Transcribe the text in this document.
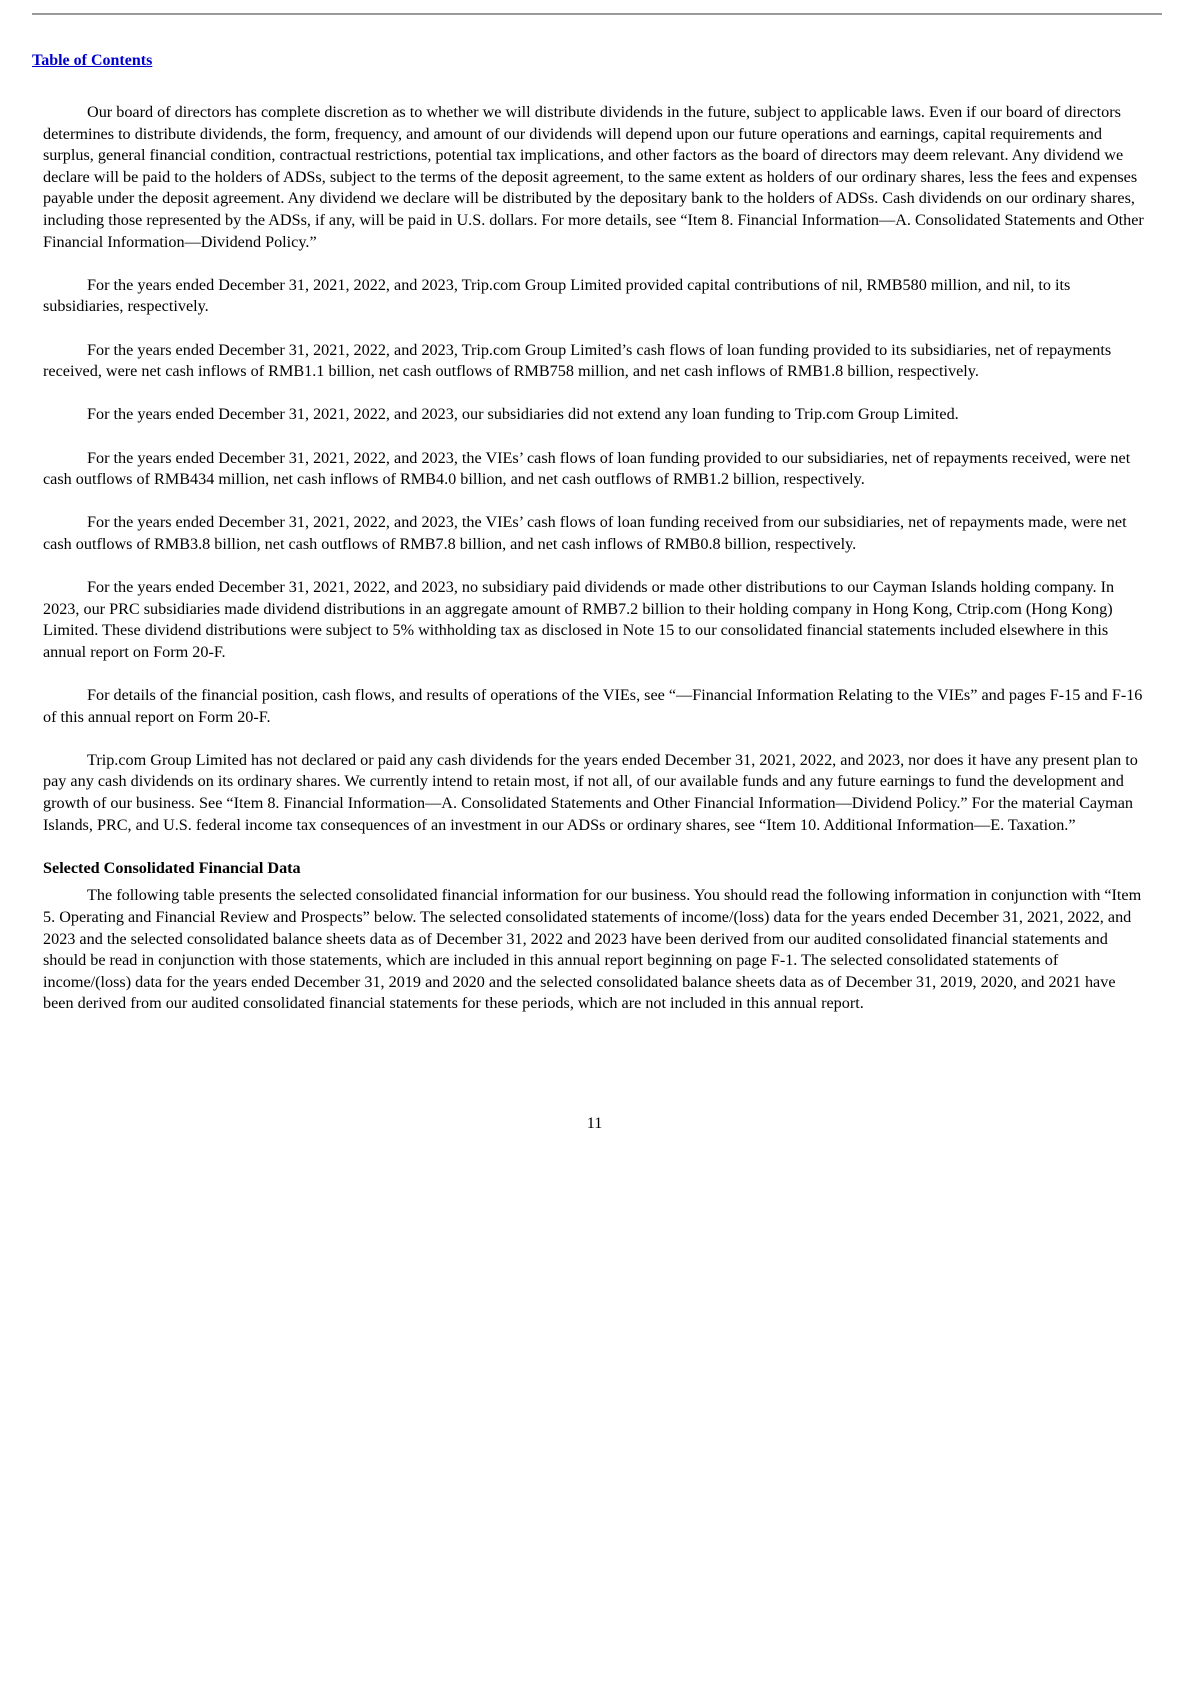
Table of Contents

Our board of directors has complete discretion as to whether we will distribute dividends in the future, subject to applicable laws. Even if our board of directors determines to distribute dividends, the form, frequency, and amount of our dividends will depend upon our future operations and earnings, capital requirements and surplus, general financial condition, contractual restrictions, potential tax implications, and other factors as the board of directors may deem relevant. Any dividend we declare will be paid to the holders of ADSs, subject to the terms of the deposit agreement, to the same extent as holders of our ordinary shares, less the fees and expenses payable under the deposit agreement. Any dividend we declare will be distributed by the depositary bank to the holders of ADSs. Cash dividends on our ordinary shares, including those represented by the ADSs, if any, will be paid in U.S. dollars. For more details, see “Item 8. Financial Information—A. Consolidated Statements and Other Financial Information—Dividend Policy.”

For the years ended December 31, 2021, 2022, and 2023, Trip.com Group Limited provided capital contributions of nil, RMB580 million, and nil, to its subsidiaries, respectively.

For the years ended December 31, 2021, 2022, and 2023, Trip.com Group Limited’s cash flows of loan funding provided to its subsidiaries, net of repayments received, were net cash inflows of RMB1.1 billion, net cash outflows of RMB758 million, and net cash inflows of RMB1.8 billion, respectively.

For the years ended December 31, 2021, 2022, and 2023, our subsidiaries did not extend any loan funding to Trip.com Group Limited.

For the years ended December 31, 2021, 2022, and 2023, the VIEs’ cash flows of loan funding provided to our subsidiaries, net of repayments received, were net cash outflows of RMB434 million, net cash inflows of RMB4.0 billion, and net cash outflows of RMB1.2 billion, respectively.

For the years ended December 31, 2021, 2022, and 2023, the VIEs’ cash flows of loan funding received from our subsidiaries, net of repayments made, were net cash outflows of RMB3.8 billion, net cash outflows of RMB7.8 billion, and net cash inflows of RMB0.8 billion, respectively.

For the years ended December 31, 2021, 2022, and 2023, no subsidiary paid dividends or made other distributions to our Cayman Islands holding company. In 2023, our PRC subsidiaries made dividend distributions in an aggregate amount of RMB7.2 billion to their holding company in Hong Kong, Ctrip.com (Hong Kong) Limited. These dividend distributions were subject to 5% withholding tax as disclosed in Note 15 to our consolidated financial statements included elsewhere in this annual report on Form 20-F.

For details of the financial position, cash flows, and results of operations of the VIEs, see “—Financial Information Relating to the VIEs” and pages F-15 and F-16 of this annual report on Form 20-F.

Trip.com Group Limited has not declared or paid any cash dividends for the years ended December 31, 2021, 2022, and 2023, nor does it have any present plan to pay any cash dividends on its ordinary shares. We currently intend to retain most, if not all, of our available funds and any future earnings to fund the development and growth of our business. See “Item 8. Financial Information—A. Consolidated Statements and Other Financial Information—Dividend Policy.” For the material Cayman Islands, PRC, and U.S. federal income tax consequences of an investment in our ADSs or ordinary shares, see “Item 10. Additional Information—E. Taxation.”

Selected Consolidated Financial Data

The following table presents the selected consolidated financial information for our business. You should read the following information in conjunction with “Item 5. Operating and Financial Review and Prospects” below. The selected consolidated statements of income/(loss) data for the years ended December 31, 2021, 2022, and 2023 and the selected consolidated balance sheets data as of December 31, 2022 and 2023 have been derived from our audited consolidated financial statements and should be read in conjunction with those statements, which are included in this annual report beginning on page F-1. The selected consolidated statements of income/(loss) data for the years ended December 31, 2019 and 2020 and the selected consolidated balance sheets data as of December 31, 2019, 2020, and 2021 have been derived from our audited consolidated financial statements for these periods, which are not included in this annual report.

11
